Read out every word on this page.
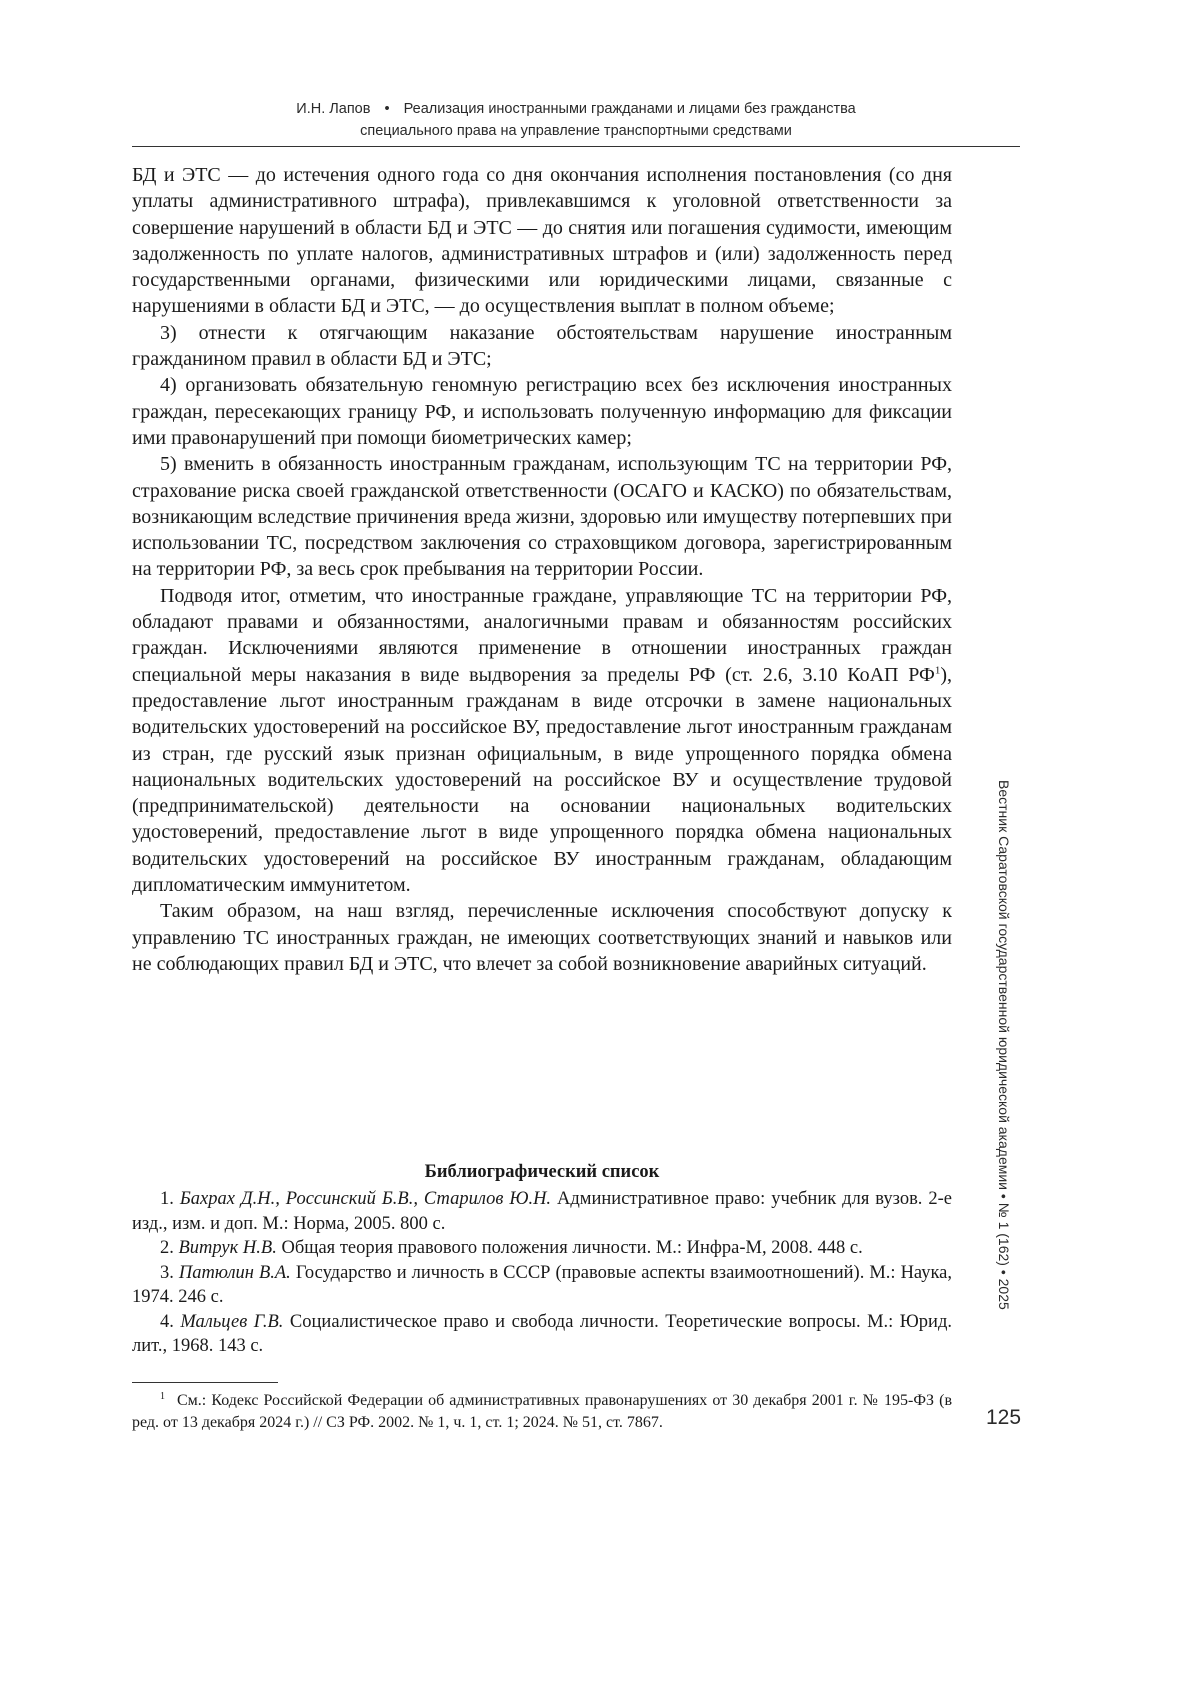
И.Н. Лапов • Реализация иностранными гражданами и лицами без гражданства
специального права на управление транспортными средствами

БД и ЭТС — до истечения одного года со дня окончания исполнения постановления (со дня уплаты административного штрафа), привлекавшимся к уголовной ответственности за совершение нарушений в области БД и ЭТС — до снятия или погашения судимости, имеющим задолженность по уплате налогов, административных штрафов и (или) задолженность перед государственными органами, физическими или юридическими лицами, связанные с нарушениями в области БД и ЭТС, — до осуществления выплат в полном объеме;

3) отнести к отягчающим наказание обстоятельствам нарушение иностранным гражданином правил в области БД и ЭТС;

4) организовать обязательную геномную регистрацию всех без исключения иностранных граждан, пересекающих границу РФ, и использовать полученную информацию для фиксации ими правонарушений при помощи биометрических камер;

5) вменить в обязанность иностранным гражданам, использующим ТС на территории РФ, страхование риска своей гражданской ответственности (ОСАГО и КАСКО) по обязательствам, возникающим вследствие причинения вреда жизни, здоровью или имуществу потерпевших при использовании ТС, посредством заключения со страховщиком договора, зарегистрированным на территории РФ, за весь срок пребывания на территории России.

Подводя итог, отметим, что иностранные граждане, управляющие ТС на территории РФ, обладают правами и обязанностями, аналогичными правам и обязанностям российских граждан. Исключениями являются применение в отношении иностранных граждан специальной меры наказания в виде выдворения за пределы РФ (ст. 2.6, 3.10 КоАП $РФ^1$), предоставление льгот иностранным гражданам в виде отсрочки в замене национальных водительских удостоверений на российское ВУ, предоставление льгот иностранным гражданам из стран, где русский язык признан официальным, в виде упрощенного порядка обмена национальных водительских удостоверений на российское ВУ и осуществление трудовой (предпринимательской) деятельности на основании национальных водительских удостоверений, предоставление льгот в виде упрощенного порядка обмена национальных водительских удостоверений на российское ВУ иностранным гражданам, обладающим дипломатическим иммунитетом.

Таким образом, на наш взгляд, перечисленные исключения способствуют допуску к управлению ТС иностранных граждан, не имеющих соответствующих знаний и навыков или не соблюдающих правил БД и ЭТС, что влечет за собой возникновение аварийных ситуаций.

Библиографический список

1. Бахрах Д.Н., Россинский Б.В., Старилов Ю.Н. Административное право: учебник для вузов. 2-е изд., изм. и доп. М.: Норма, 2005. 800 с.

2. Витрук Н.В. Общая теория правового положения личности. М.: Инфра-М, 2008. 448 с.

3. Патюлин В.А. Государство и личность в СССР (правовые аспекты взаимоотношений). М.: Наука, 1974. 246 с.

4. Мальцев Г.В. Социалистическое право и свобода личности. Теоретические вопросы. М.: Юрид. лит., 1968. 143 с.

$^1$ См.: Кодекс Российской Федерации об административных правонарушениях от 30 декабря 2001 г. № 195-ФЗ (в ред. от 13 декабря 2024 г.) // СЗ РФ. 2002. № 1, ч. 1, ст. 1; 2024. № 51, ст. 7867.	125
Вестник Саратовской государственной юридической академии • № 1 (162) • 2025
